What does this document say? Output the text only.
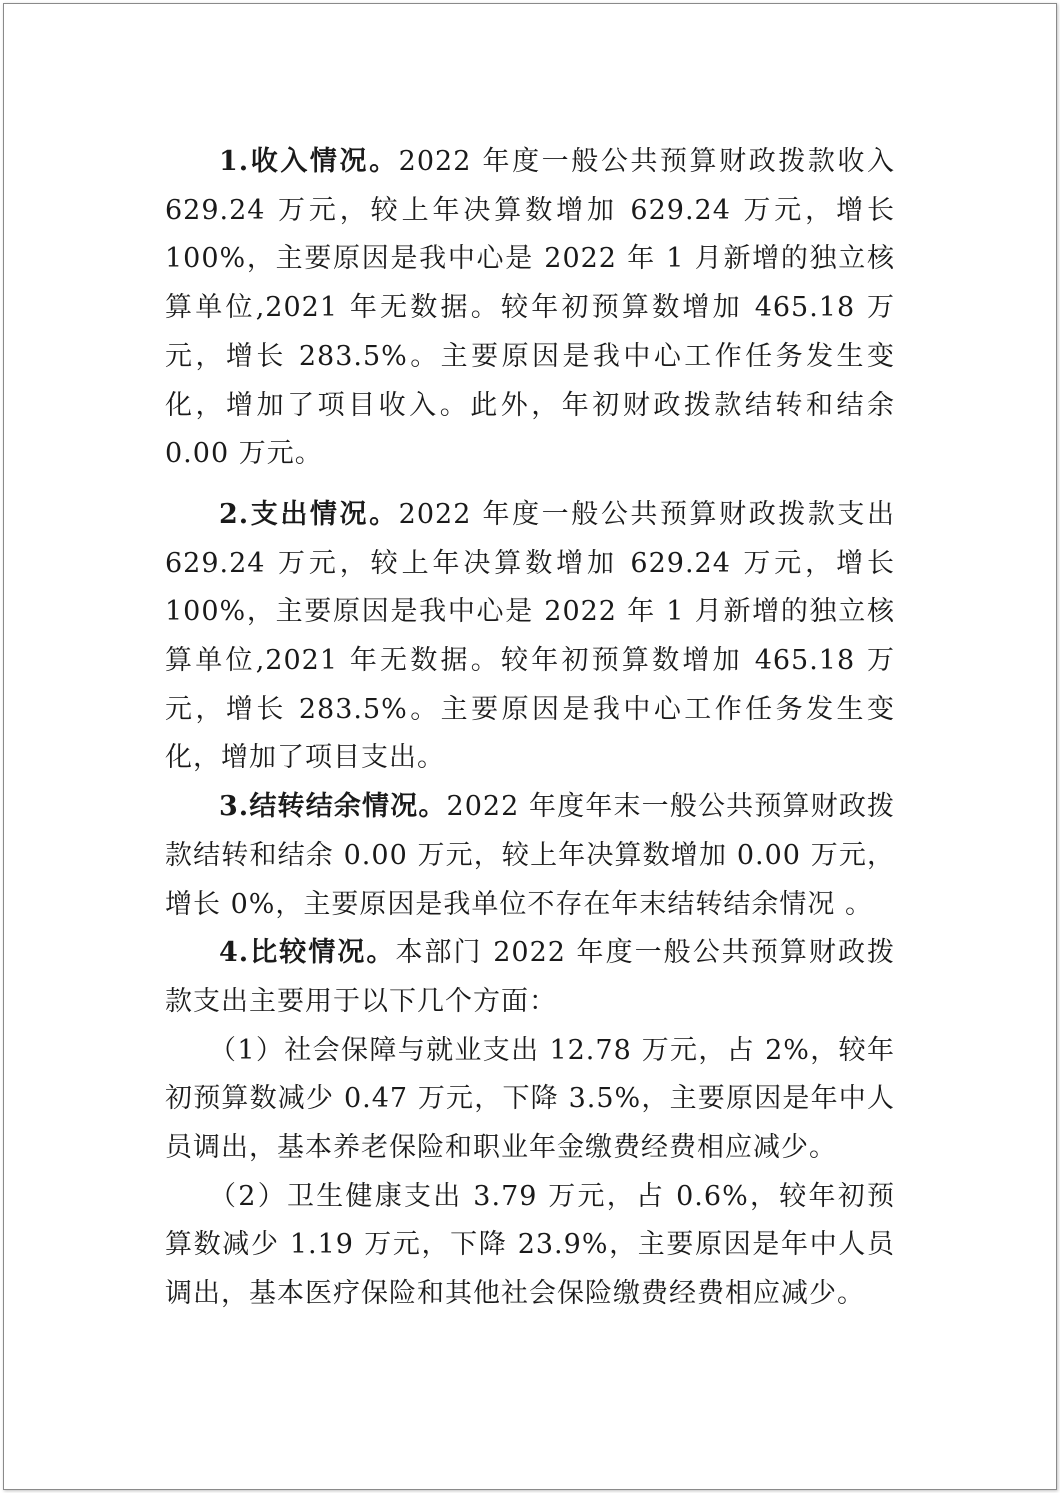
1.收入情况。2022 年度一般公共预算财政拨款收入 629.24 万元，较上年决算数增加 629.24 万元，增长 100%，主要原因是我中心是 2022 年 1 月新增的独立核算单位,2021 年无数据。较年初预算数增加 465.18 万元，增长 283.5%。主要原因是我中心工作任务发生变化，增加了项目收入。此外，年初财政拨款结转和结余 0.00 万元。

2.支出情况。2022 年度一般公共预算财政拨款支出 629.24 万元，较上年决算数增加 629.24 万元，增长 100%，主要原因是我中心是 2022 年 1 月新增的独立核算单位,2021 年无数据。较年初预算数增加 465.18 万元，增长 283.5%。主要原因是我中心工作任务发生变化，增加了项目支出。

3.结转结余情况。2022 年度年末一般公共预算财政拨款结转和结余 0.00 万元，较上年决算数增加 0.00 万元，增长 0%，主要原因是我单位不存在年末结转结余情况 。

4.比较情况。本部门 2022 年度一般公共预算财政拨款支出主要用于以下几个方面：

（1）社会保障与就业支出 12.78 万元，占 2%，较年初预算数减少 0.47 万元，下降 3.5%，主要原因是年中人员调出，基本养老保险和职业年金缴费经费相应减少。

（2）卫生健康支出 3.79 万元，占 0.6%，较年初预算数减少 1.19 万元，下降 23.9%，主要原因是年中人员调出，基本医疗保险和其他社会保险缴费经费相应减少。
